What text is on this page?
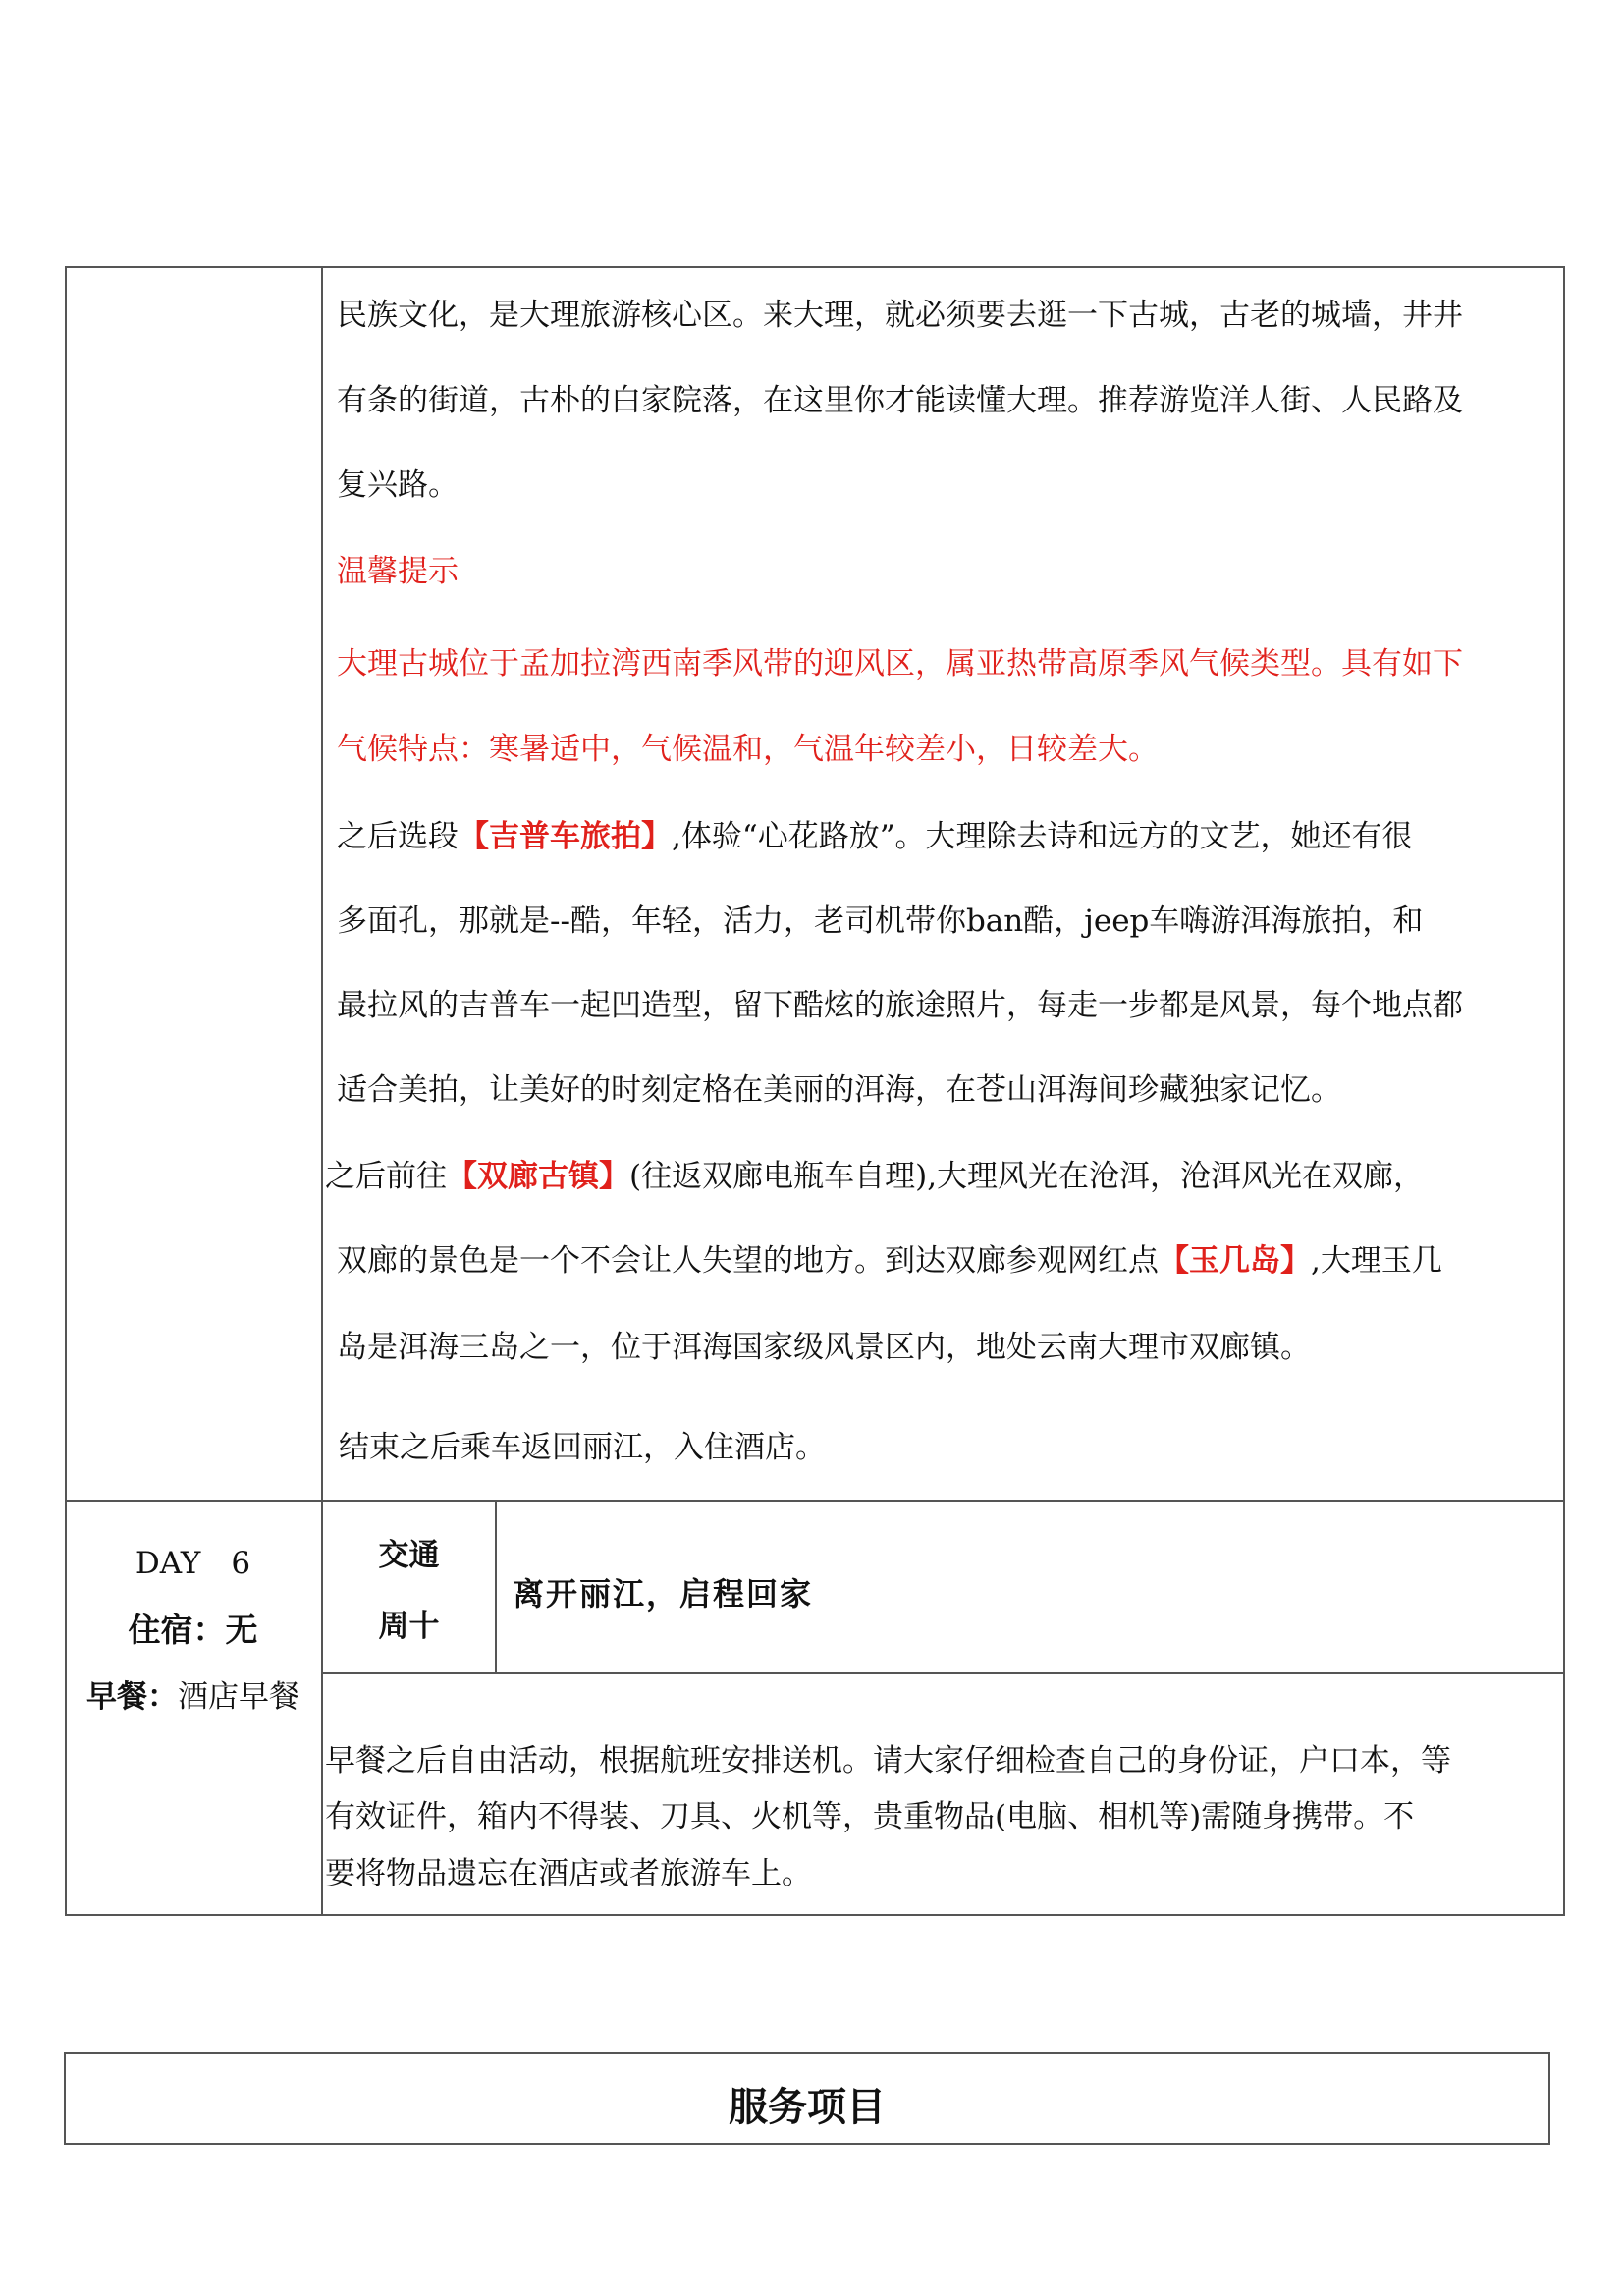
民族文化，是大理旅游核心区。来大理，就必须要去逛一下古城，古老的城墙，井井
有条的街道，古朴的白家院落，在这里你才能读懂大理。推荐游览洋人街、人民路及
复兴路。
温馨提示
大理古城位于孟加拉湾西南季风带的迎风区，属亚热带高原季风气候类型。具有如下
气候特点：寒暑适中，气候温和，气温年较差小，日较差大。
之后选段【吉普车旅拍】,体验“心花路放”。大理除去诗和远方的文艺，她还有很
多面孔，那就是--酷，年轻，活力，老司机带你ban酷，jeep车嗨游洱海旅拍，和
最拉风的吉普车一起凹造型，留下酷炫的旅途照片，每走一步都是风景，每个地点都
适合美拍，让美好的时刻定格在美丽的洱海，在苍山洱海间珍藏独家记忆。
之后前往【双廊古镇】(往返双廊电瓶车自理),大理风光在沧洱，沧洱风光在双廊，
双廊的景色是一个不会让人失望的地方。到达双廊参观网红点【玉几岛】,大理玉几
岛是洱海三岛之一，位于洱海国家级风景区内，地处云南大理市双廊镇。
结束之后乘车返回丽江，入住酒店。
DAY　6
住宿：无
早餐：酒店早餐
交通
周十
离开丽江，启程回家
早餐之后自由活动，根据航班安排送机。请大家仔细检查自己的身份证，户口本，等
有效证件，箱内不得装、刀具、火机等，贵重物品(电脑、相机等)需随身携带。不
要将物品遗忘在酒店或者旅游车上。
服务项目
